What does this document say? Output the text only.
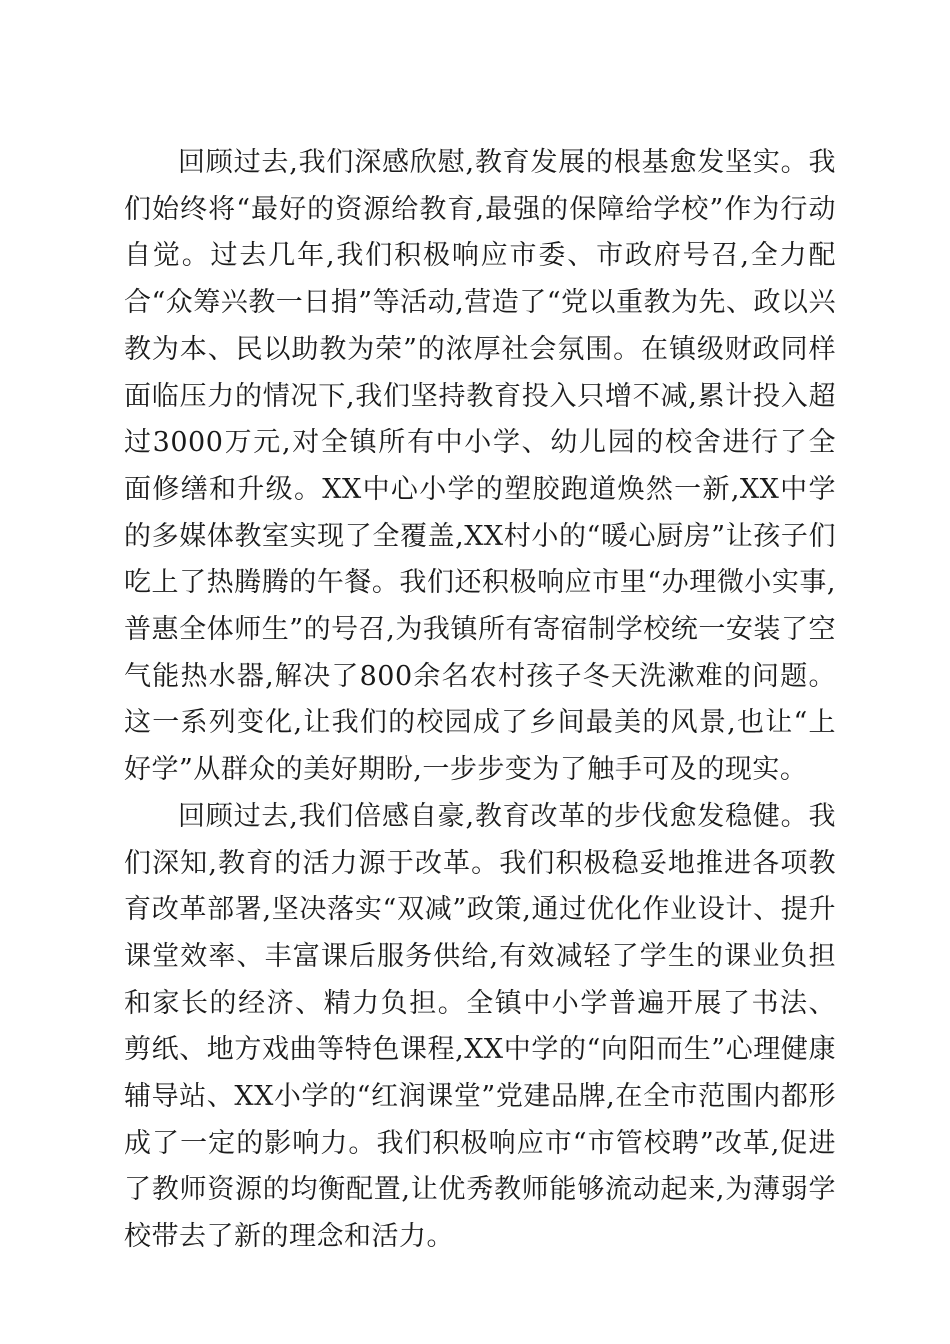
回顾过去,我们深感欣慰,教育发展的根基愈发坚实。我们始终将“最好的资源给教育,最强的保障给学校”作为行动自觉。过去几年,我们积极响应市委、市政府号召,全力配合“众筹兴教一日捐”等活动,营造了“党以重教为先、政以兴教为本、民以助教为荣”的浓厚社会氛围。在镇级财政同样面临压力的情况下,我们坚持教育投入只增不减,累计投入超过3000万元,对全镇所有中小学、幼儿园的校舍进行了全面修缮和升级。XX中心小学的塑胶跑道焕然一新,XX中学的多媒体教室实现了全覆盖,XX村小的“暖心厨房”让孩子们吃上了热腾腾的午餐。我们还积极响应市里“办理微小实事,普惠全体师生”的号召,为我镇所有寄宿制学校统一安装了空气能热水器,解决了800余名农村孩子冬天洗漱难的问题。这一系列变化,让我们的校园成了乡间最美的风景,也让“上好学”从群众的美好期盼,一步步变为了触手可及的现实。

回顾过去,我们倍感自豪,教育改革的步伐愈发稳健。我们深知,教育的活力源于改革。我们积极稳妥地推进各项教育改革部署,坚决落实“双减”政策,通过优化作业设计、提升课堂效率、丰富课后服务供给,有效减轻了学生的课业负担和家长的经济、精力负担。全镇中小学普遍开展了书法、剪纸、地方戏曲等特色课程,XX中学的“向阳而生”心理健康辅导站、XX小学的“红润课堂”党建品牌,在全市范围内都形成了一定的影响力。我们积极响应市“市管校聘”改革,促进了教师资源的均衡配置,让优秀教师能够流动起来,为薄弱学校带去了新的理念和活力。
